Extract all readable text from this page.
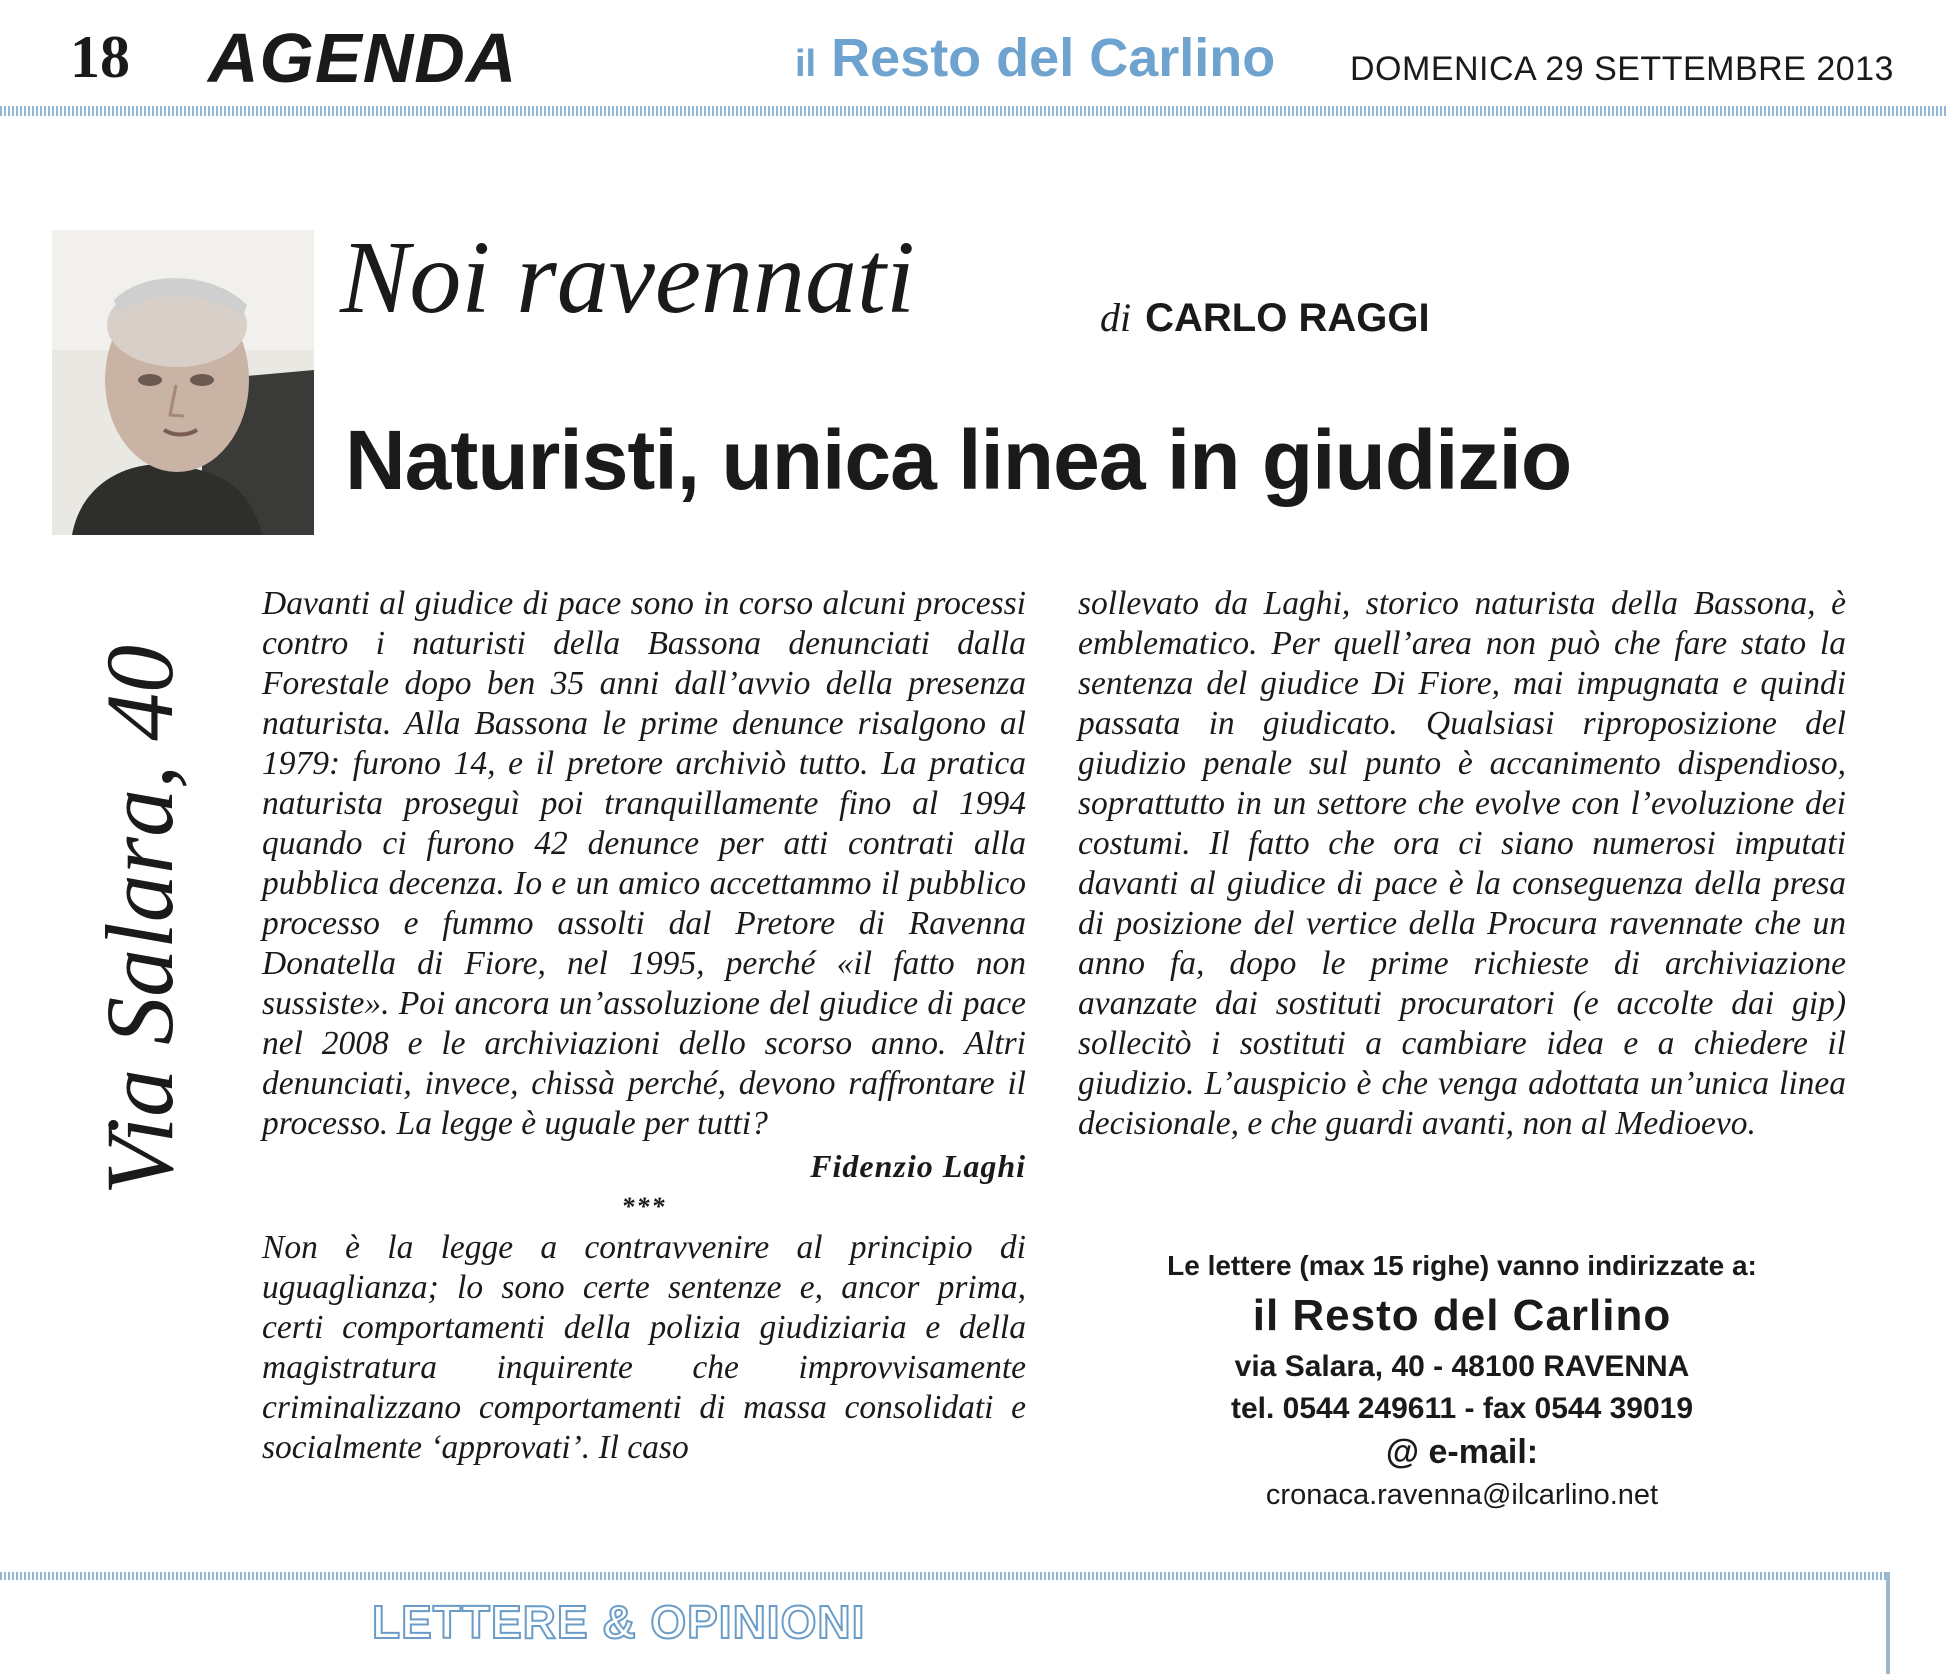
18 AGENDA	il Resto del Carlino DOMENICA 29 SETTEMBRE 2013
Noi ravennati	di CARLO RAGGI
Naturisti, unica linea in giudizio
Via Salara, 40

Davanti al giudice di pace sono in corso alcuni processi contro i naturisti della Bassona denunciati dalla Forestale dopo ben 35 anni dall’avvio della presenza naturista. Alla Bassona le prime denunce risalgono al 1979: furono 14, e il pretore archiviò tutto. La pratica naturista proseguì poi tranquillamente fino al 1994 quando ci furono 42 denunce per atti contrati alla pubblica decenza. Io e un amico accettammo il pubblico processo e fummo assolti dal Pretore di Ravenna Donatella di Fiore, nel 1995, perché «il fatto non sussiste». Poi ancora un’assoluzione del giudice di pace nel 2008 e le archiviazioni dello scorso anno. Altri denunciati, invece, chissà perché, devono raffrontare il processo. La legge è uguale per tutti?

Fidenzio Laghi
***

Non è la legge a contravvenire al principio di uguaglianza; lo sono certe sentenze e, ancor prima, certi comportamenti della polizia giudiziaria e della magistratura inquirente che improvvisamente criminalizzano comportamenti di massa consolidati e socialmente ‘approvati’. Il caso

sollevato da Laghi, storico naturista della Bassona, è emblematico. Per quell’area non può che fare stato la sentenza del giudice Di Fiore, mai impugnata e quindi passata in giudicato. Qualsiasi riproposizione del giudizio penale sul punto è accanimento dispendioso, soprattutto in un settore che evolve con l’evoluzione dei costumi. Il fatto che ora ci siano numerosi imputati davanti al giudice di pace è la conseguenza della presa di posizione del vertice della Procura ravennate che un anno fa, dopo le prime richieste di archiviazione avanzate dai sostituti procuratori (e accolte dai gip) sollecitò i sostituti a cambiare idea e a chiedere il giudizio. L’auspicio è che venga adottata un’unica linea decisionale, e che guardi avanti, non al Medioevo.

Le lettere (max 15 righe) vanno indirizzate a:
il Resto del Carlino
via Salara, 40 - 48100 RAVENNA
tel. 0544 249611 - fax 0544 39019
@ e-mail:
cronaca.ravenna@ilcarlino.net
LETTERE & OPINIONI
